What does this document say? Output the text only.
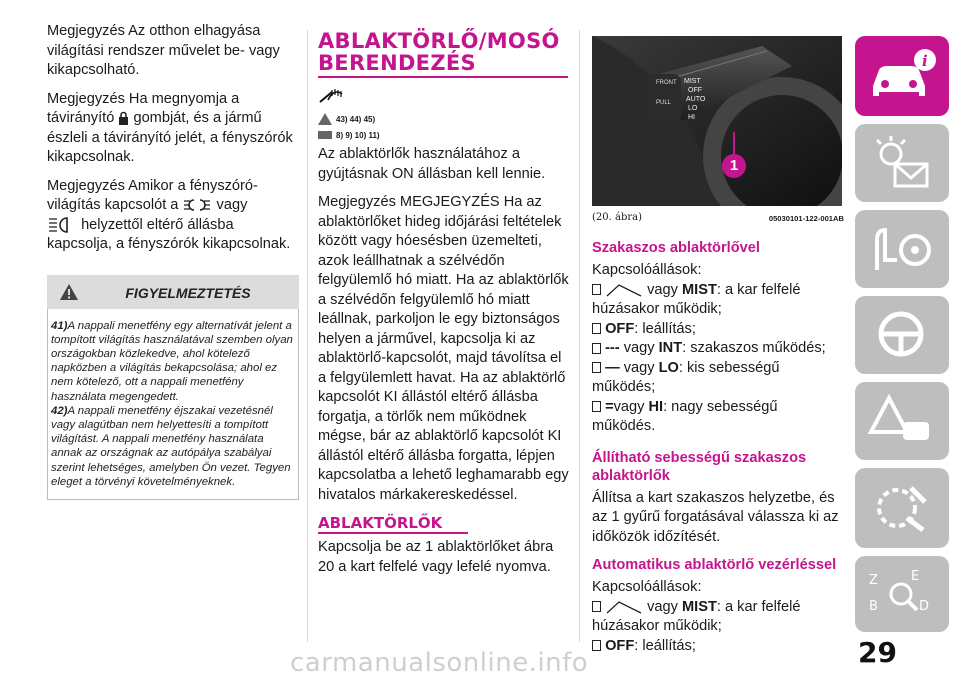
Megjegyzés Az otthon elhagyása világítási rendszer művelet be- vagy kikapcsolható.

Megjegyzés Ha megnyomja a távirányító gombját, és a jármű észleli a távirányító jelét, a fényszórók kikapcsolnak.

Megjegyzés Amikor a fényszóró-világítás kapcsolót a	vagy
helyzettől eltérő állásba kapcsolja, a fényszórók kikapcsolnak.

FIGYELMEZTETÉS
41)A nappali menetfény egy alternatívát jelent a tompított világítás használatával szemben olyan országokban közlekedve, ahol kötelező napközben a világítás bekapcsolása; ahol ez nem kötelező, ott a nappali menetfény használata megengedett.
42)A nappali menetfény éjszakai vezetésnél vagy alagútban nem helyettesíti a tompított világítást. A nappali menetfény használata annak az országnak az autópálya szabályai szerint lehetséges, amelyben Ön vezet. Tegyen eleget a törvényi követelményeknek.
ABLAKTÖRLŐ/MOSÓ BERENDEZÉS
43) 44) 45)
8) 9) 10) 11)

Az ablaktörlők használatához a gyújtásnak ON állásban kell lennie.

Megjegyzés MEGJEGYZÉS Ha az ablaktörlőket hideg időjárási feltételek között vagy hóesésben üzemelteti, azok leállhatnak a szélvédőn felgyülemlő hó miatt. Ha az ablaktörlők a szélvédőn felgyülemlő hó miatt leállnak, parkoljon le egy biztonságos helyen a járművel, kapcsolja ki az ablaktörlő-kapcsolót, majd távolítsa el a felgyülemlett havat. Ha az ablaktörlő kapcsolót KI állástól eltérő állásba forgatja, a törlők nem működnek mégse, bár az ablaktörlő kapcsolót KI állástól eltérő állásba forgatta, lépjen kapcsolatba a lehető leghamarabb egy hivatalos márkakereskedéssel.

ABLAKTÖRLŐK

Kapcsolja be az 1 ablaktörlőket ábra 20 a kart felfelé vagy lefelé nyomva.

FRONT
PULL
MIST
OFF
AUTO
LO
HI
1
(20. ábra)	05030101-122-001AB
Szakaszos ablaktörlővel
Kapcsolóállások:
vagy MIST: a kar felfelé húzásakor működik;
OFF: leállítás;
--- vagy INT: szakaszos működés;
— vagy LO: kis sebességű működés;
=vagy HI: nagy sebességű működés.
Állítható sebességű szakaszos ablaktörlők

Állítsa a kart szakaszos helyzetbe, és az 1 gyűrű forgatásával válassza ki az időközök időzítését.

Automatikus ablaktörlő vezérléssel
Kapcsolóállások:
vagy MIST: a kar felfelé húzásakor működik;
OFF: leállítás;
i
Z	E
B	D
29
carmanualsonline.info
